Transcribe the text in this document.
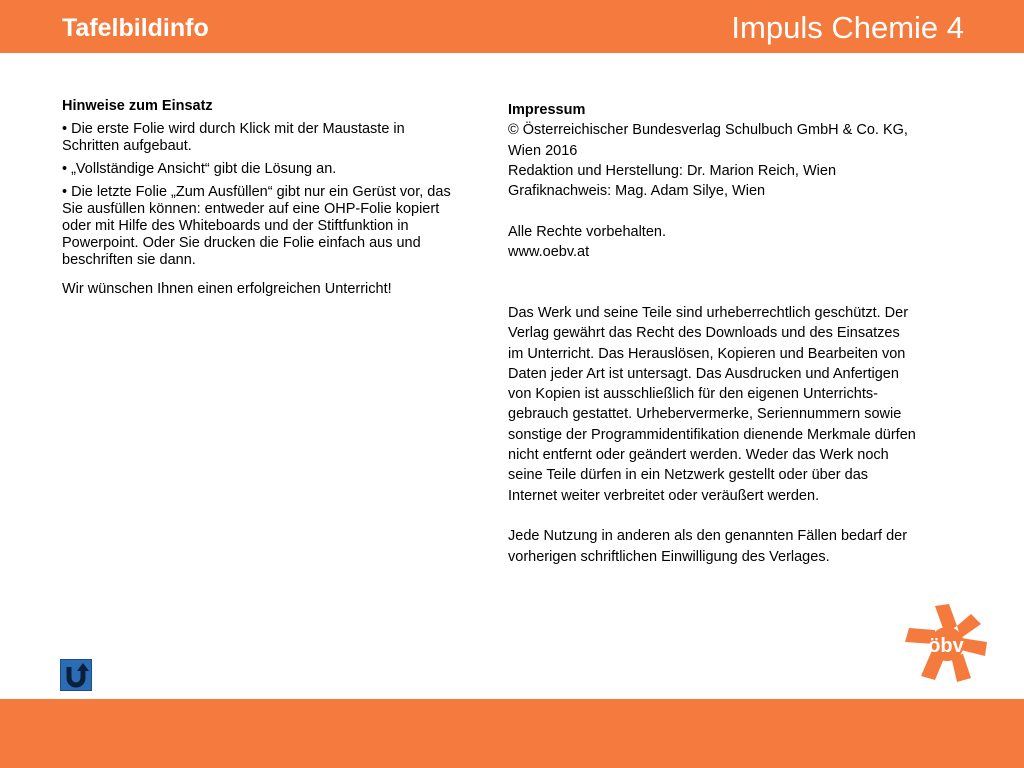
Tafelbildinfo	Impuls Chemie 4
Hinweise zum Einsatz
• Die erste Folie wird durch Klick mit der Maustaste in Schritten aufgebaut.
• „Vollständige Ansicht“ gibt die Lösung an.
• Die letzte Folie „Zum Ausfüllen“ gibt nur ein Gerüst vor, das Sie ausfüllen können: entweder auf eine OHP-Folie kopiert oder mit Hilfe des Whiteboards und der Stiftfunktion in Powerpoint. Oder Sie drucken die Folie einfach aus und beschriften sie dann.
Wir wünschen Ihnen einen erfolgreichen Unterricht!
Impressum
© Österreichischer Bundesverlag Schulbuch GmbH & Co. KG,
Wien 2016
Redaktion und Herstellung: Dr. Marion Reich, Wien
Grafiknachweis: Mag. Adam Silye, Wien
Alle Rechte vorbehalten.
www.oebv.at
Das Werk und seine Teile sind urheberrechtlich geschützt. Der
Verlag gewährt das Recht des Downloads und des Einsatzes
im Unterricht. Das Herauslösen, Kopieren und Bearbeiten von
Daten jeder Art ist untersagt. Das Ausdrucken und Anfertigen
von Kopien ist ausschließlich für den eigenen Unterrichts-
gebrauch gestattet. Urhebervermerke, Seriennummern sowie
sonstige der Programmidentifikation dienende Merkmale dürfen
nicht entfernt oder geändert werden. Weder das Werk noch
seine Teile dürfen in ein Netzwerk gestellt oder über das
Internet weiter verbreitet oder veräußert werden.
Jede Nutzung in anderen als den genannten Fällen bedarf der
vorherigen schriftlichen Einwilligung des Verlages.
öbv
